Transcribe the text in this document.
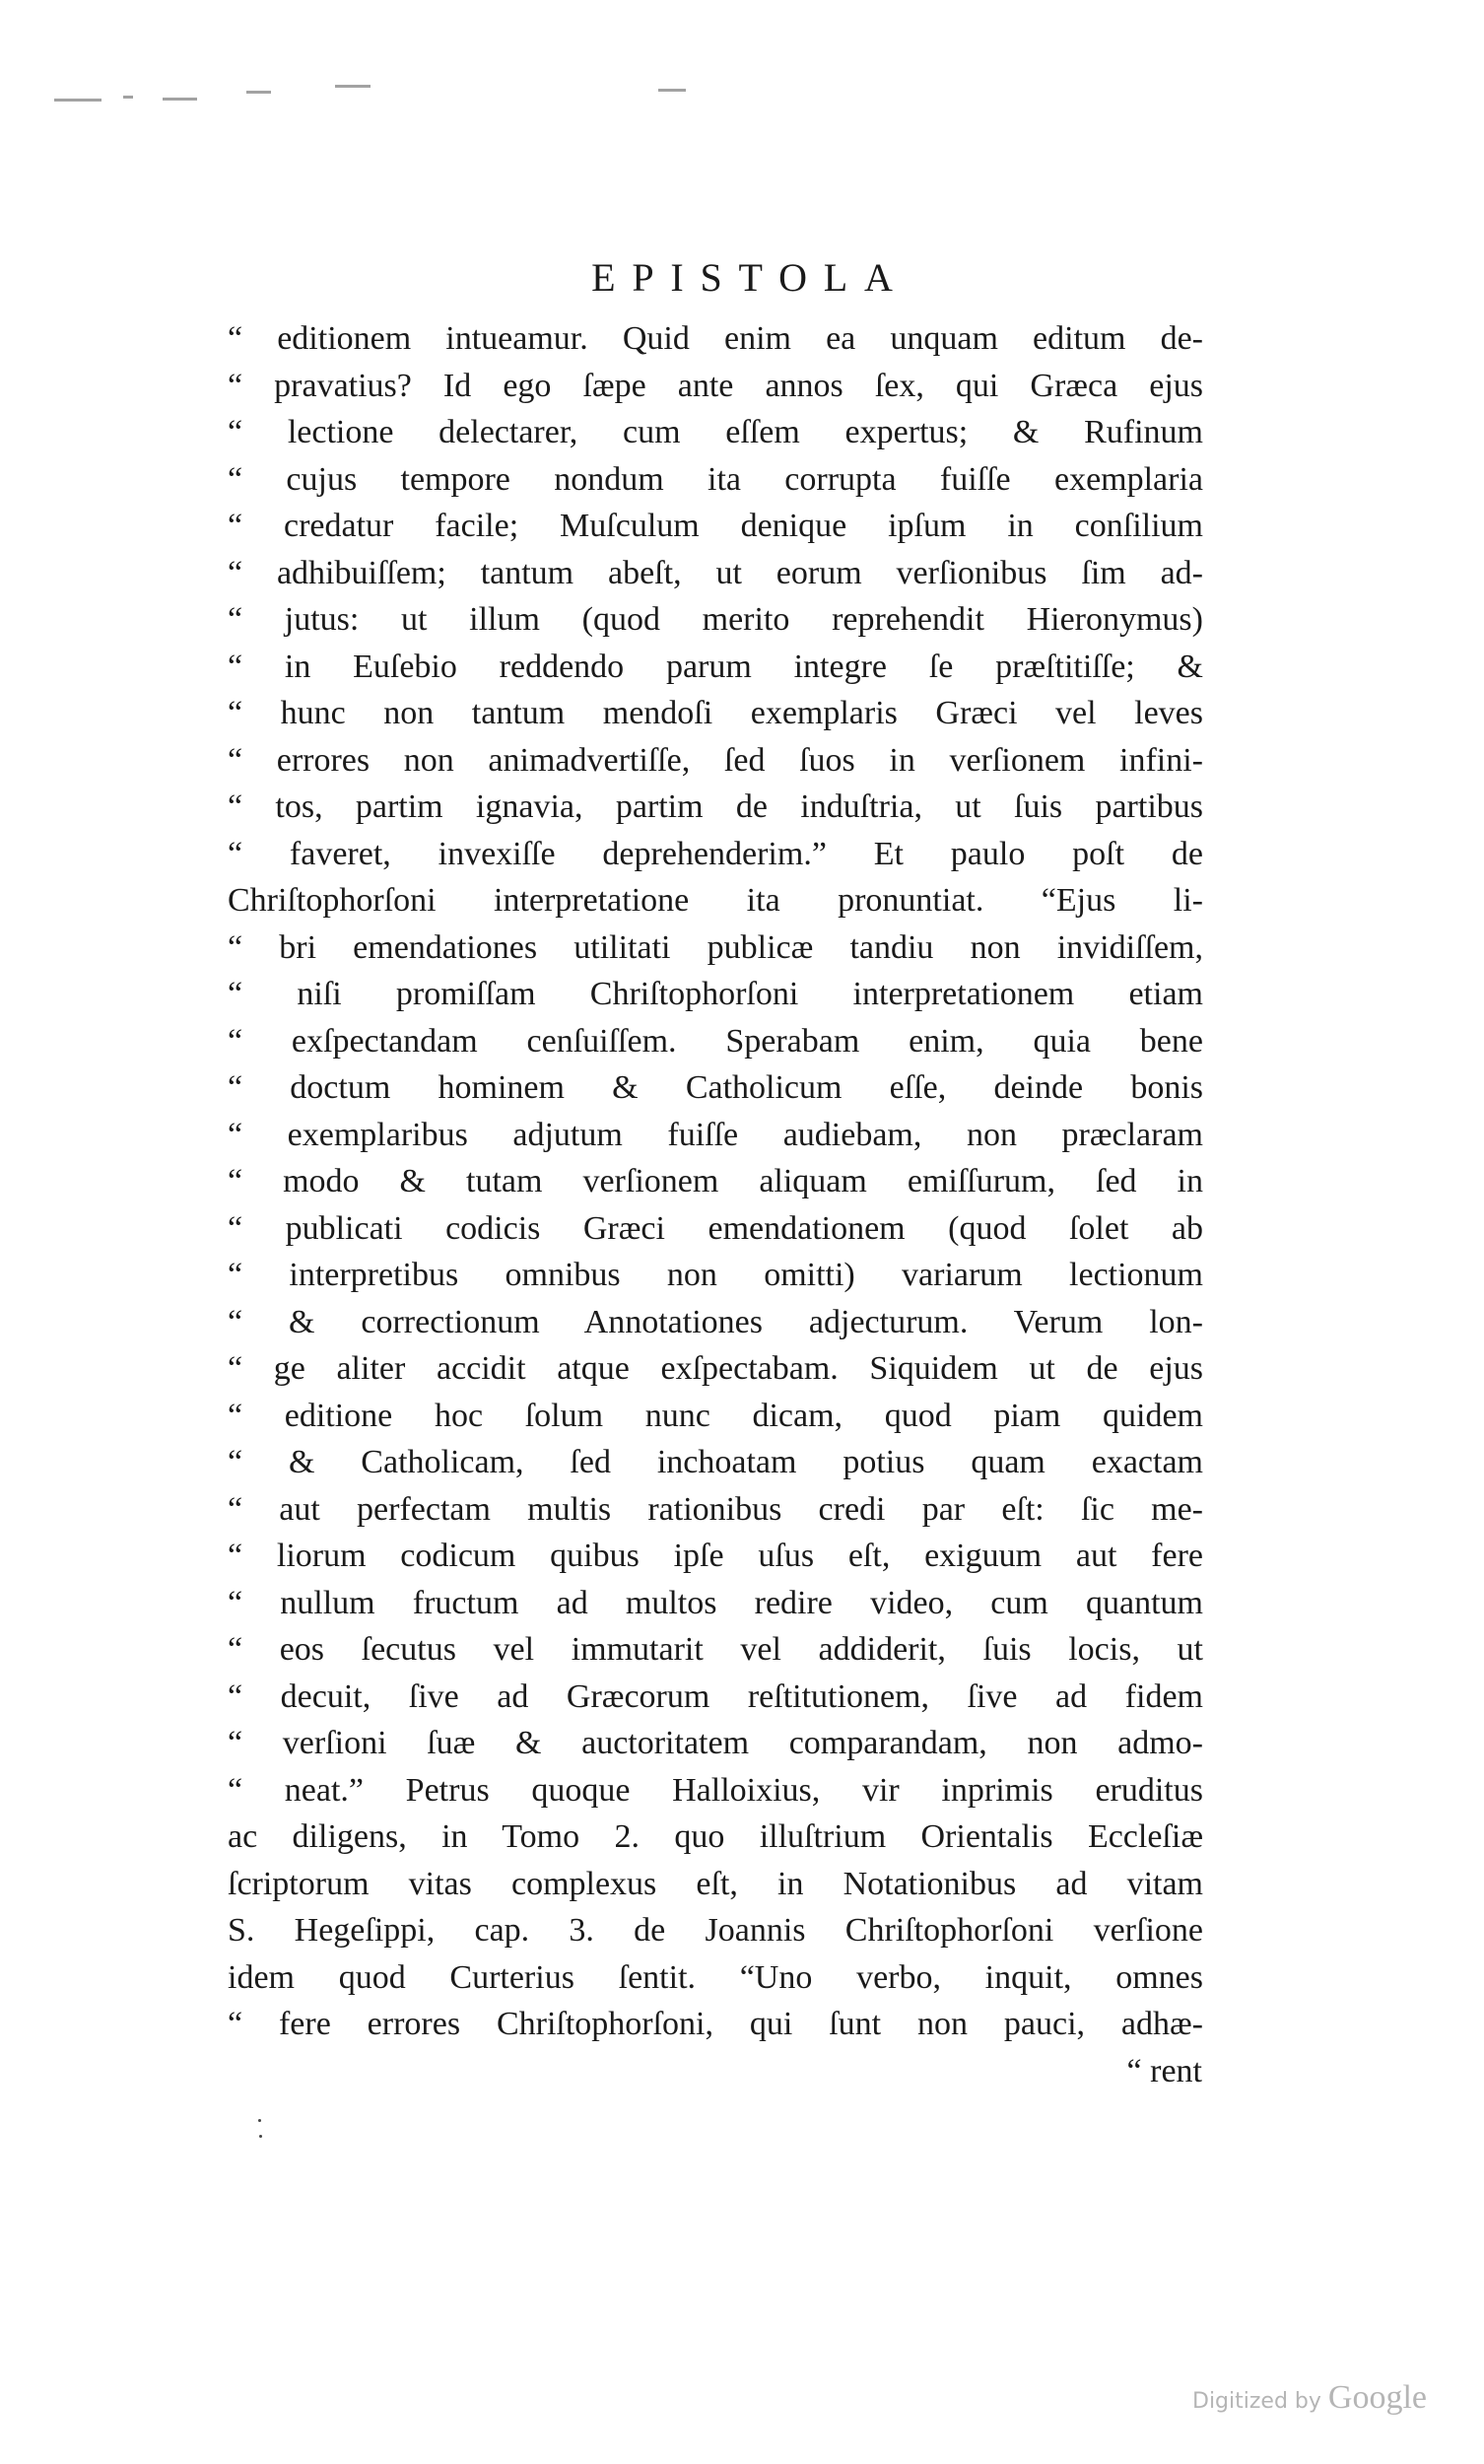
EPISTOLA
“ editionem intueamur. Quid enim ea unquam editum de-
“ pravatius? Id ego ſæpe ante annos ſex, qui Græca ejus
“ lectione delectarer, cum eſſem expertus; & Rufinum
“ cujus tempore nondum ita corrupta fuiſſe exemplaria
“ credatur facile; Muſculum denique ipſum in conſilium
“ adhibuiſſem; tantum abeſt, ut eorum verſionibus ſim ad-
“ jutus: ut illum (quod merito reprehendit Hieronymus)
“ in Euſebio reddendo parum integre ſe præſtitiſſe; &
“ hunc non tantum mendoſi exemplaris Græci vel leves
“ errores non animadvertiſſe, ſed ſuos in verſionem infini-
“ tos, partim ignavia, partim de induſtria, ut ſuis partibus
“ faveret, invexiſſe deprehenderim.” Et paulo poſt de
Chriſtophorſoni interpretatione ita pronuntiat. “Ejus li-
“ bri emendationes utilitati publicæ tandiu non invidiſſem,
“ niſi promiſſam Chriſtophorſoni interpretationem etiam
“ exſpectandam cenſuiſſem. Sperabam enim, quia bene
“ doctum hominem & Catholicum eſſe, deinde bonis
“ exemplaribus adjutum fuiſſe audiebam, non præclaram
“ modo & tutam verſionem aliquam emiſſurum, ſed in
“ publicati codicis Græci emendationem (quod ſolet ab
“ interpretibus omnibus non omitti) variarum lectionum
“ & correctionum Annotationes adjecturum. Verum lon-
“ ge aliter accidit atque exſpectabam. Siquidem ut de ejus
“ editione hoc ſolum nunc dicam, quod piam quidem
“ & Catholicam, ſed inchoatam potius quam exactam
“ aut perfectam multis rationibus credi par eſt: ſic me-
“ liorum codicum quibus ipſe uſus eſt, exiguum aut fere
“ nullum fructum ad multos redire video, cum quantum
“ eos ſecutus vel immutarit vel addiderit, ſuis locis, ut
“ decuit, ſive ad Græcorum reſtitutionem, ſive ad fidem
“ verſioni ſuæ & auctoritatem comparandam, non admo-
“ neat.” Petrus quoque Halloixius, vir inprimis eruditus
ac diligens, in Tomo 2. quo illuſtrium Orientalis Eccleſiæ
ſcriptorum vitas complexus eſt, in Notationibus ad vitam
S. Hegeſippi, cap. 3. de Joannis Chriſtophorſoni verſione
idem quod Curterius ſentit. “Uno verbo, inquit, omnes
“ fere errores Chriſtophorſoni, qui ſunt non pauci, adhæ-
“ rent
Digitized by Google
